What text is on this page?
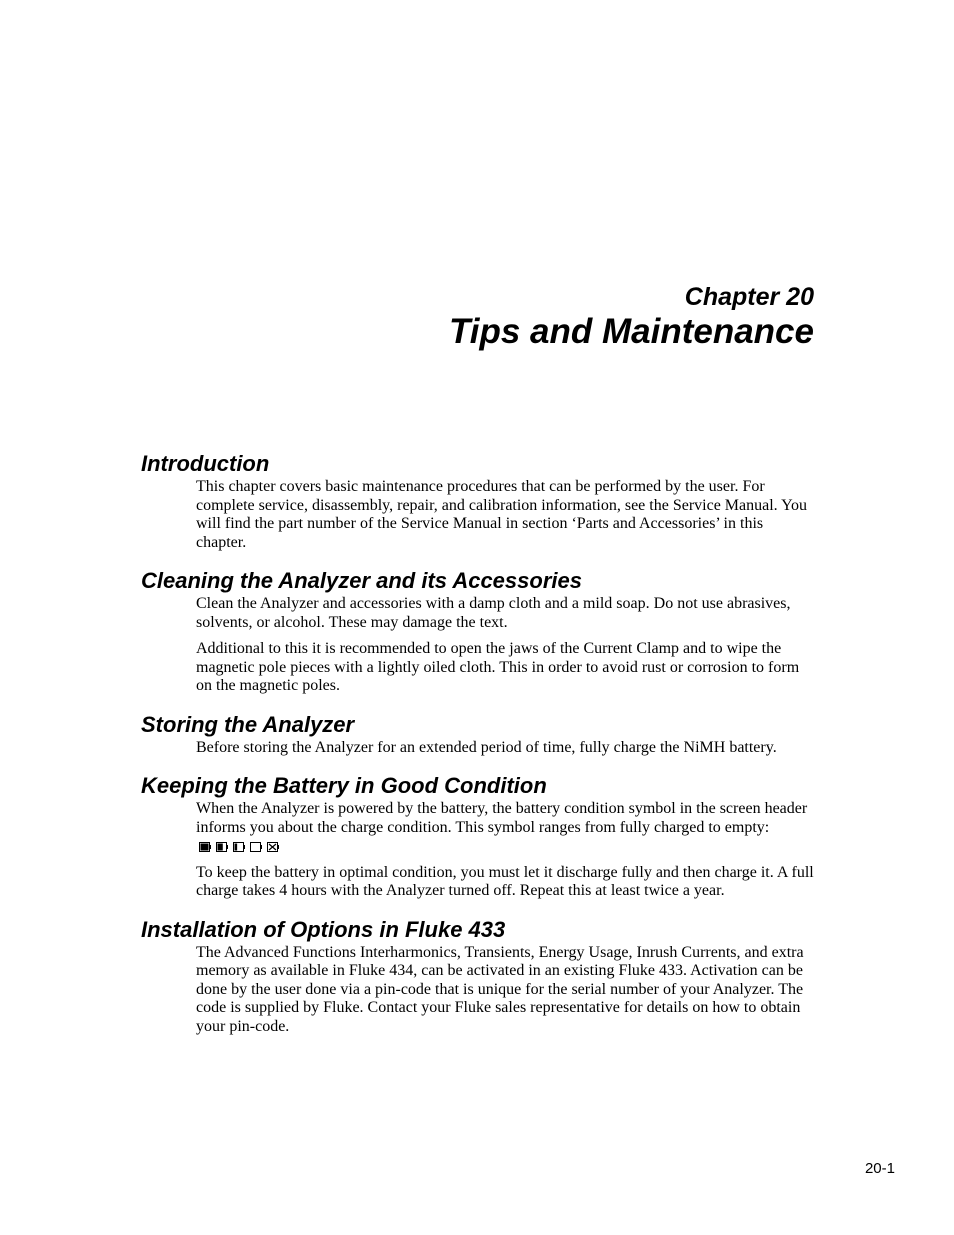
Chapter 20
Tips and Maintenance
Introduction

This chapter covers basic maintenance procedures that can be performed by the user. For complete service, disassembly, repair, and calibration information, see the Service Manual. You will find the part number of the Service Manual in section ‘Parts and Accessories’ in this chapter.

Cleaning the Analyzer and its Accessories

Clean the Analyzer and accessories with a damp cloth and a mild soap. Do not use abrasives, solvents, or alcohol. These may damage the text.

Additional to this it is recommended to open the jaws of the Current Clamp and to wipe the magnetic pole pieces with a lightly oiled cloth. This in order to avoid rust or corrosion to form on the magnetic poles.

Storing the Analyzer

Before storing the Analyzer for an extended period of time, fully charge the NiMH battery.

Keeping the Battery in Good Condition

When the Analyzer is powered by the battery, the battery condition symbol in the screen header informs you about the charge condition. This symbol ranges from fully charged to empty:

To keep the battery in optimal condition, you must let it discharge fully and then charge it. A full charge takes 4 hours with the Analyzer turned off. Repeat this at least twice a year.

Installation of Options in Fluke 433

The Advanced Functions Interharmonics, Transients, Energy Usage, Inrush Currents, and extra memory as available in Fluke 434, can be activated in an existing Fluke 433. Activation can be done by the user done via a pin-code that is unique for the serial number of your Analyzer. The code is supplied by Fluke. Contact your Fluke sales representative for details on how to obtain your pin-code.

20-1
